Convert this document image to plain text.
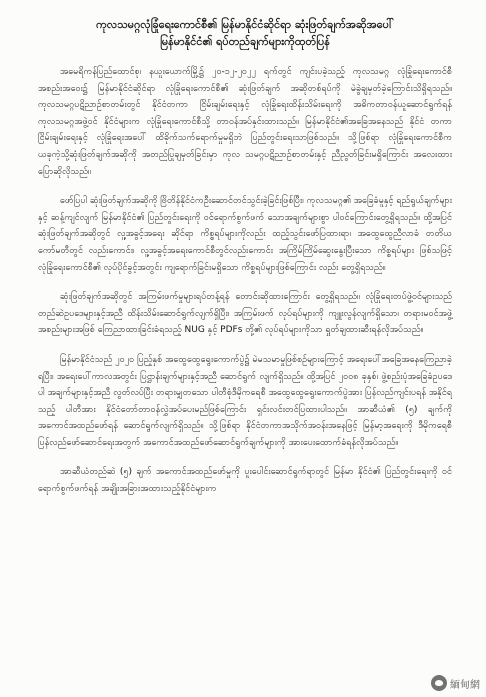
ကုလသမဂ္ဂလုံခြုံရေးကောင်စီ၏ မြန်မာနိုင်ငံဆိုင်ရာ ဆုံးဖြတ်ချက်အဆိုအပေါ်
မြန်မာနိုင်ငံ၏ ရပ်တည်ချက်များကိုထုတ်ပြန်

အမေရိကန်ပြည်ထောင်စု၊ နယူးယောက်မြို့၌ ၂၀-၁၂-၂၀၂၂ ရက်တွင် ကျင်းပခဲ့သည့် ကုလသမဂ္ဂ လုံခြုံရေးကောင်စီအစည်းအဝေး၌ မြန်မာနိုင်ငံဆိုင်ရာ လုံခြုံရေးကောင်စီ၏ ဆုံးဖြတ်ချက် အဆိုတစ်ရပ်ကို မဲခွဲချမှတ်ခဲ့ကြောင်းသိရှိရသည်။ ကုလသမဂ္ဂပဋိညာဉ်စာတမ်းတွင် နိုင်ငံတကာ ငြိမ်းချမ်းရေးနှင့် လုံခြုံရေးထိန်းသိမ်းရေးကို အဓိကတာဝန်ယူဆောင်ရွက်ရန် ကုလသမဂ္ဂအဖွဲ့ဝင် နိုင်ငံများက လုံခြုံရေးကောင်စီသို့ တာဝန်အပ်နှင်းထားသည်။ မြန်မာနိုင်ငံ၏အခြေအနေသည် နိုင်ငံ တကာငြိမ်းချမ်းရေးနှင့် လုံခြုံရေးအပေါ် ထိခိုက်သက်ရောက်မှုမရှိဘဲ ပြည်တွင်းရေးသာဖြစ်သည်။ သို့ဖြစ်ရာ လုံခြုံရေးကောင်စီက ယခုကဲ့သို့ဆုံးဖြတ်ချက်အဆိုကို အတည်ပြုချမှတ်ခြင်းမှာ ကုလ သမဂ္ဂပဋိညာဉ်စာတမ်းနှင့် ညီညွတ်ခြင်းမရှိကြောင်း အလေးထားပြောဆိုလိုသည်။

ဖော်ပြပါ ဆုံးဖြတ်ချက်အဆိုကို ဗြိတိန်နိုင်ငံကဦးဆောင်တင်သွင်းခဲ့ခြင်းဖြစ်ပြီး၊ ကုလသမဂ္ဂ၏ အခြေခံမူနှင့် ရည်ရွယ်ချက်များနှင့် ဆန့်ကျင်လျက် မြန်မာနိုင်ငံ၏ ပြည်တွင်းရေးကို ဝင်ရောက်စွက်ဖက် သောအချက်များစွာ ပါဝင်ကြောင်းတွေ့ရှိရသည်။ ထို့အပြင် ဆုံးဖြတ်ချက်အဆိုတွင် လူ့အခွင့်အရေး ဆိုင်ရာ ကိစ္စရပ်များကိုလည်း ထည့်သွင်းဖော်ပြထားရာ၊ အထွေထွေညီလာခံ တတိယကော်မတီတွင် လည်းကောင်း၊ လူ့အခွင့်အရေးကောင်စီတွင်လည်းကောင်း အကြိမ်ကြိမ်ဆွေးနွေးပြီးသော ကိစ္စရပ်များ ဖြစ်သဖြင့် လုံခြုံရေးကောင်စီ၏ လုပ်ပိုင်ခွင့်အတွင်း ကျရောက်ခြင်းမရှိသော ကိစ္စရပ်များဖြစ်ကြောင်း လည်း တွေ့ရှိရသည်။

ဆုံးဖြတ်ချက်အဆိုတွင် အကြမ်းဖက်မှုများရပ်တန့်ရန် တောင်းဆိုထားကြောင်း တွေ့ရှိရသည်။ လုံခြုံရေးတပ်ဖွဲ့ဝင်များသည် တည်ဆဲဥပဒေများနှင့်အညီ ထိန်းသိမ်းဆောင်ရွက်လျက်ရှိပြီး၊ အကြမ်းဖက် လုပ်ရပ်များကို ကျူးလွန်လျက်ရှိသော၊ တရားမဝင်အဖွဲ့အစည်းများအဖြစ် ကြေညာထားခြင်းခံရသည့် NUG နှင့် PDFs တို့၏ လုပ်ရပ်များကိုသာ ရှုတ်ချထားဆီးရန်လိုအပ်သည်။

မြန်မာနိုင်ငံသည် ၂၀၂၀ ပြည့်နှစ် အထွေထွေရွေးကောက်ပွဲ၌ မဲမသမာမှုဖြစ်စဉ်များကြောင့် အရေးပေါ်အခြေအနေကြေညာခဲ့ရပြီး၊ အရေးပေါ်ကာလအတွင်း ပြဋ္ဌာန်းချက်များနှင့်အညီ ဆောင်ရွက် လျက်ရှိသည်။ ထို့အပြင် ၂၀၀၈ ခုနှစ်၊ ဖွဲ့စည်းပုံအခြေခံဥပဒေပါ အချက်များနှင့်အညီ လွတ်လပ်ပြီး တရားမျှတသော ပါတီစုံဒီမိုကရေစီ အထွေထွေရွေးကောက်ပွဲအား ပြန်လည်ကျင်းပရန် အနိုင်ရသည့် ပါတီအား နိုင်ငံတော်တာဝန်လွှဲအပ်ပေးမည်ဖြစ်ကြောင်း ရှင်းလင်းတင်ပြထားပါသည်။ အာဆီယံ၏ (၅) ချက်ကို အကောင်အထည်ဖော်ရန် ဆောင်ရွက်လျက်ရှိသည်။ သို့ဖြစ်ရာ နိုင်ငံတကာအသိုက်အဝန်းအနေဖြင့် မြန်မာ့အရေးကို ဒီမိုကရေစီ ပြန်လည်ဖော်ဆောင်ရေးအတွက် အကောင်အထည်ဖော်ဆောင်ရွက်ချက်များကို အားပေးထောက်ခံရန်လိုအပ်သည်။

အာဆီယံတည်ဆဲ (၅) ချက် အကောင်အထည်ဖော်မှုကို ပူးပေါင်းဆောင်ရွက်ရာတွင် မြန်မာ နိုင်ငံ၏ ပြည်တွင်းရေးကို ဝင်ရောက်စွက်ဖက်ရန် အချိုးအခြားအထားသည့်နိုင်ငံများက

緬甸網
